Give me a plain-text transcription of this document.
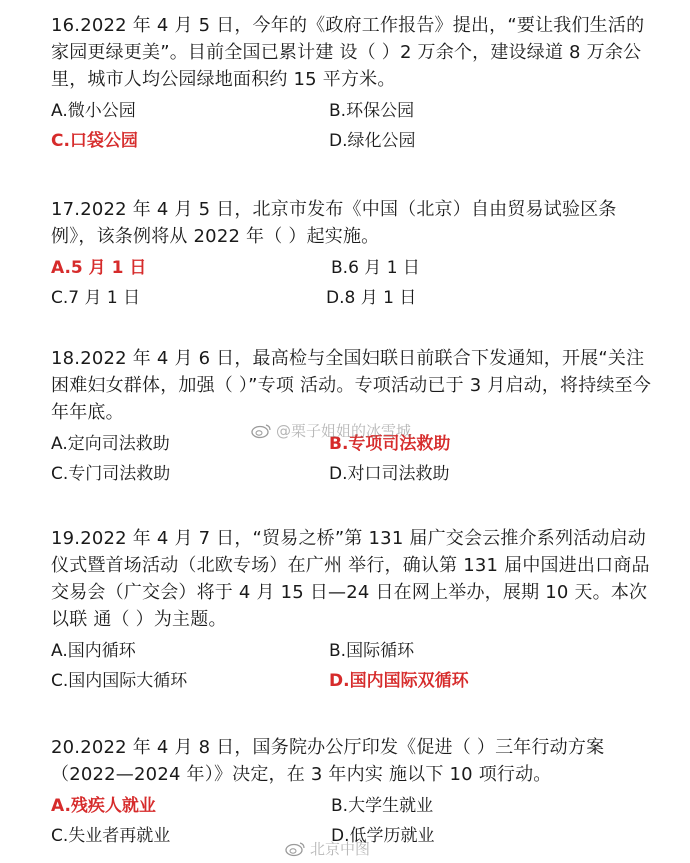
16.2022 年 4 月 5 日，今年的《政府工作报告》提出，“要让我们生活的家园更绿更美”。目前全国已累计建 设（ ）2 万余个，建设绿道 8 万余公里，城市人均公园绿地面积约 15 平方米。

A.微小公园	B.环保公园
C.口袋公园	D.绿化公园

17.2022 年 4 月 5 日，北京市发布《中国（北京）自由贸易试验区条例》，该条例将从 2022 年（ ）起实施。

A.5 月 1 日	B.6 月 1 日
C.7 月 1 日	D.8 月 1 日

18.2022 年 4 月 6 日，最高检与全国妇联日前联合下发通知，开展“关注困难妇女群体，加强（ ）”专项 活动。专项活动已于 3 月启动，将持续至今年年底。

A.定向司法救助	B.专项司法救助
C.专门司法救助	D.对口司法救助

19.2022 年 4 月 7 日，“贸易之桥”第 131 届广交会云推介系列活动启动仪式暨首场活动（北欧专场）在广州 举行，确认第 131 届中国进出口商品交易会（广交会）将于 4 月 15 日—24 日在网上举办，展期 10 天。本次以联 通（ ）为主题。

A.国内循环	B.国际循环
C.国内国际大循环	D.国内国际双循环

20.2022 年 4 月 8 日，国务院办公厅印发《促进（ ）三年行动方案（2022—2024 年）》决定，在 3 年内实 施以下 10 项行动。

A.残疾人就业	B.大学生就业
C.失业者再就业	D.低学历就业
@栗子姐姐的冰雪城
北京中图
